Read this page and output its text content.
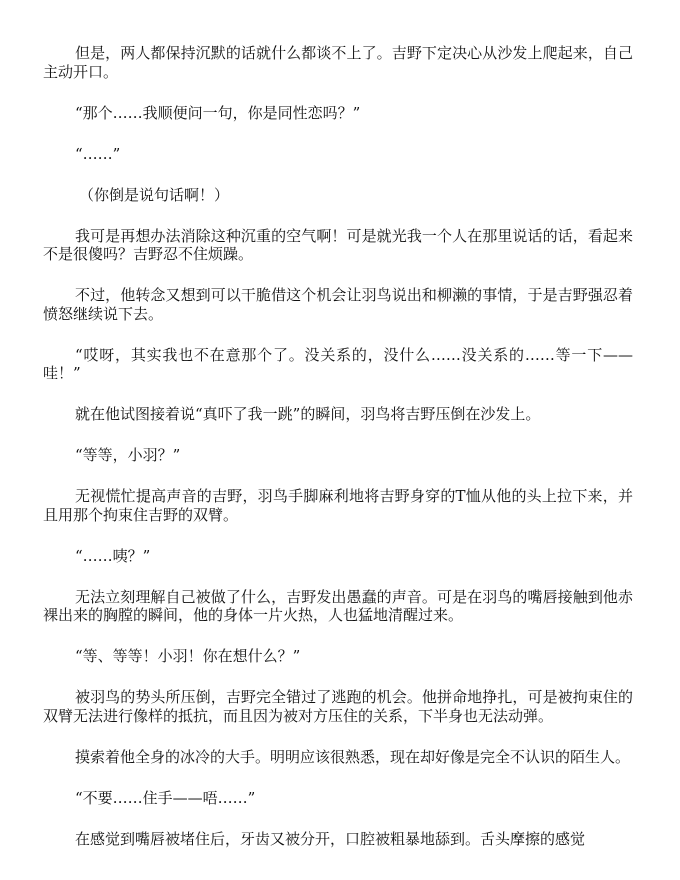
但是，两人都保持沉默的话就什么都谈不上了。吉野下定决心从沙发上爬起来，自己主动开口。

“那个……我顺便问一句，你是同性恋吗？”

“……”

（你倒是说句话啊！）

我可是再想办法消除这种沉重的空气啊！可是就光我一个人在那里说话的话，看起来不是很傻吗？吉野忍不住烦躁。

不过，他转念又想到可以干脆借这个机会让羽鸟说出和柳濑的事情，于是吉野强忍着愤怒继续说下去。

“哎呀，其实我也不在意那个了。没关系的，没什么……没关系的……等一下——哇！”

就在他试图接着说“真吓了我一跳”的瞬间，羽鸟将吉野压倒在沙发上。

“等等，小羽？”

无视慌忙提高声音的吉野，羽鸟手脚麻利地将吉野身穿的T恤从他的头上拉下来，并且用那个拘束住吉野的双臂。

“……咦？”

无法立刻理解自己被做了什么，吉野发出愚蠢的声音。可是在羽鸟的嘴唇接触到他赤裸出来的胸膛的瞬间，他的身体一片火热，人也猛地清醒过来。

“等、等等！小羽！你在想什么？”

被羽鸟的势头所压倒，吉野完全错过了逃跑的机会。他拼命地挣扎，可是被拘束住的双臂无法进行像样的抵抗，而且因为被对方压住的关系，下半身也无法动弹。

摸索着他全身的冰冷的大手。明明应该很熟悉，现在却好像是完全不认识的陌生人。

“不要……住手——唔……”

在感觉到嘴唇被堵住后，牙齿又被分开，口腔被粗暴地舔到。舌头摩擦的感觉
